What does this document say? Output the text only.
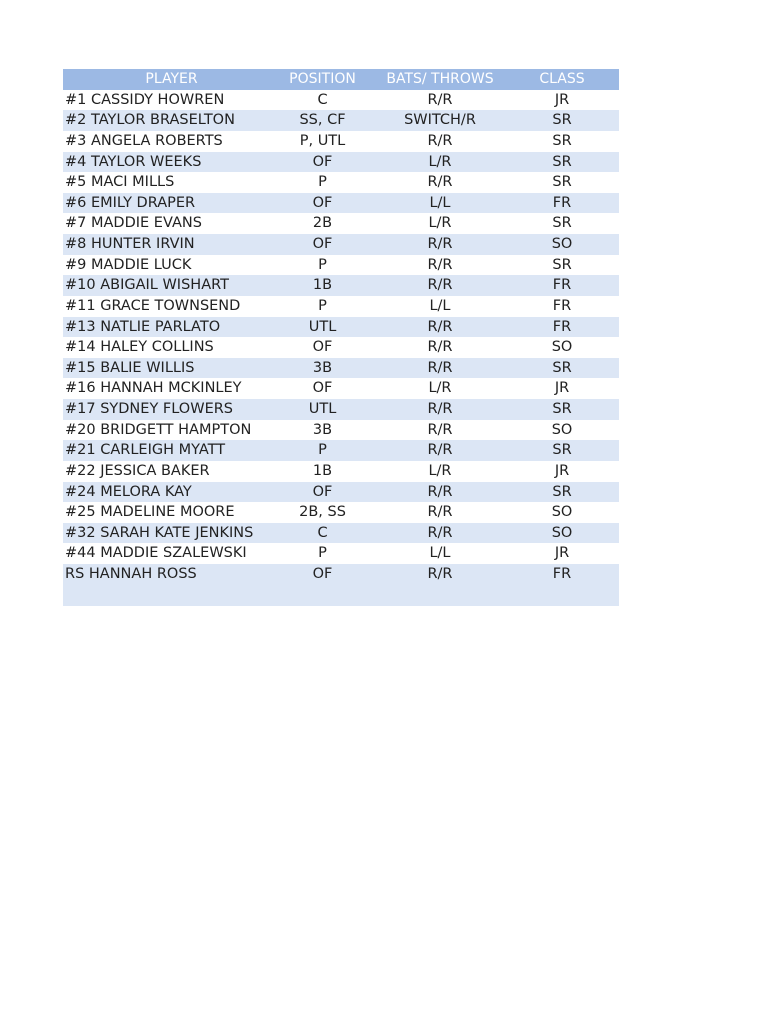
PLAYER	POSITION	BATS/ THROWS	CLASS
#1 CASSIDY HOWREN	C	R/R	JR
#2 TAYLOR BRASELTON	SS, CF	SWITCH/R	SR
#3 ANGELA ROBERTS	P, UTL	R/R	SR
#4 TAYLOR WEEKS	OF	L/R	SR
#5 MACI MILLS	P	R/R	SR
#6 EMILY DRAPER	OF	L/L	FR
#7 MADDIE EVANS	2B	L/R	SR
#8 HUNTER IRVIN	OF	R/R	SO
#9 MADDIE LUCK	P	R/R	SR
#10 ABIGAIL WISHART	1B	R/R	FR
#11 GRACE TOWNSEND	P	L/L	FR
#13 NATLIE PARLATO	UTL	R/R	FR
#14 HALEY COLLINS	OF	R/R	SO
#15 BALIE WILLIS	3B	R/R	SR
#16 HANNAH MCKINLEY	OF	L/R	JR
#17 SYDNEY FLOWERS	UTL	R/R	SR
#20 BRIDGETT HAMPTON	3B	R/R	SO
#21 CARLEIGH MYATT	P	R/R	SR
#22 JESSICA BAKER	1B	L/R	JR
#24 MELORA KAY	OF	R/R	SR
#25 MADELINE MOORE	2B, SS	R/R	SO
#32 SARAH KATE JENKINS	C	R/R	SO
#44 MADDIE SZALEWSKI	P	L/L	JR
RS HANNAH ROSS	OF	R/R	FR
